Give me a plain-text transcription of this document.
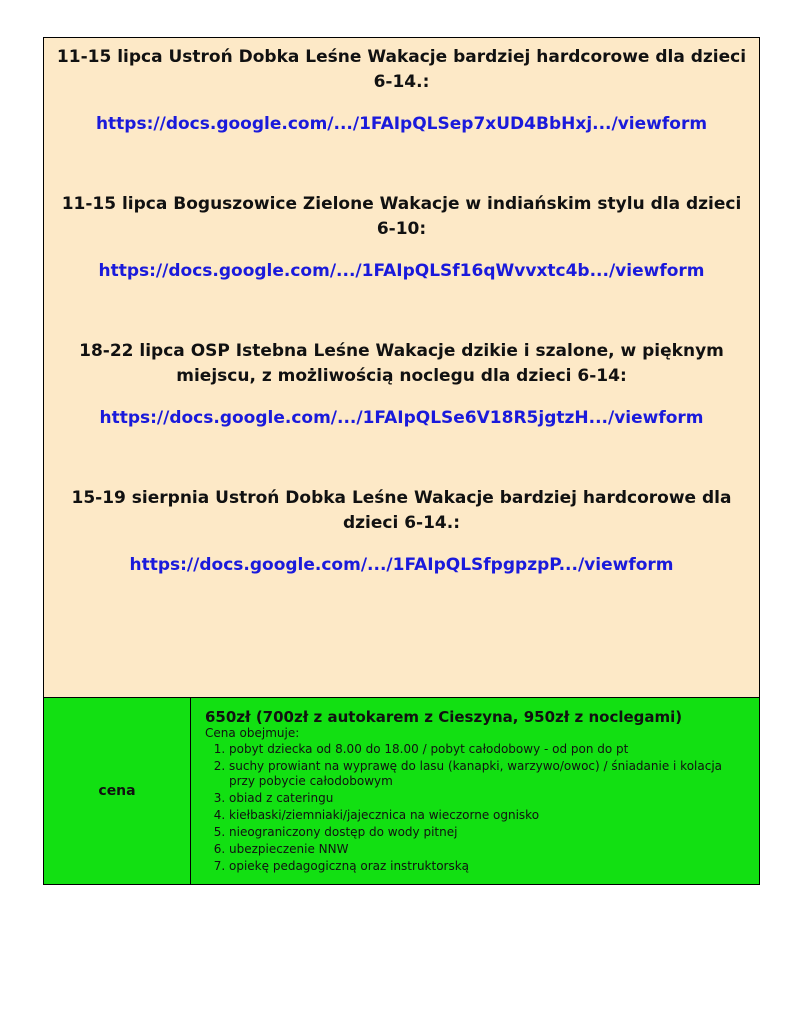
11-15 lipca Ustroń Dobka Leśne Wakacje bardziej hardcorowe dla dzieci 6-14.:

https://docs.google.com/.../1FAIpQLSep7xUD4BbHxj.../viewform

11-15 lipca Boguszowice Zielone Wakacje w indiańskim stylu dla dzieci 6-10:

https://docs.google.com/.../1FAIpQLSf16qWvvxtc4b.../viewform

18-22 lipca OSP Istebna Leśne Wakacje dzikie i szalone, w pięknym miejscu, z możliwością noclegu dla dzieci 6-14:

https://docs.google.com/.../1FAIpQLSe6V18R5jgtzH.../viewform

15-19 sierpnia Ustroń Dobka Leśne Wakacje bardziej hardcorowe dla dzieci 6-14.:

https://docs.google.com/.../1FAIpQLSfpgpzpP.../viewform
cena
650zł (700zł z autokarem z Cieszyna, 950zł z noclegami)
Cena obejmuje:
1. pobyt dziecka od 8.00 do 18.00 / pobyt całodobowy - od pon do pt
2. suchy prowiant na wyprawę do lasu (kanapki, warzywo/owoc) / śniadanie i kolacja przy pobycie całodobowym
3. obiad z cateringu
4. kiełbaski/ziemniaki/jajecznica na wieczorne ognisko
5. nieograniczony dostęp do wody pitnej
6. ubezpieczenie NNW
7. opiekę pedagogiczną oraz instruktorską
